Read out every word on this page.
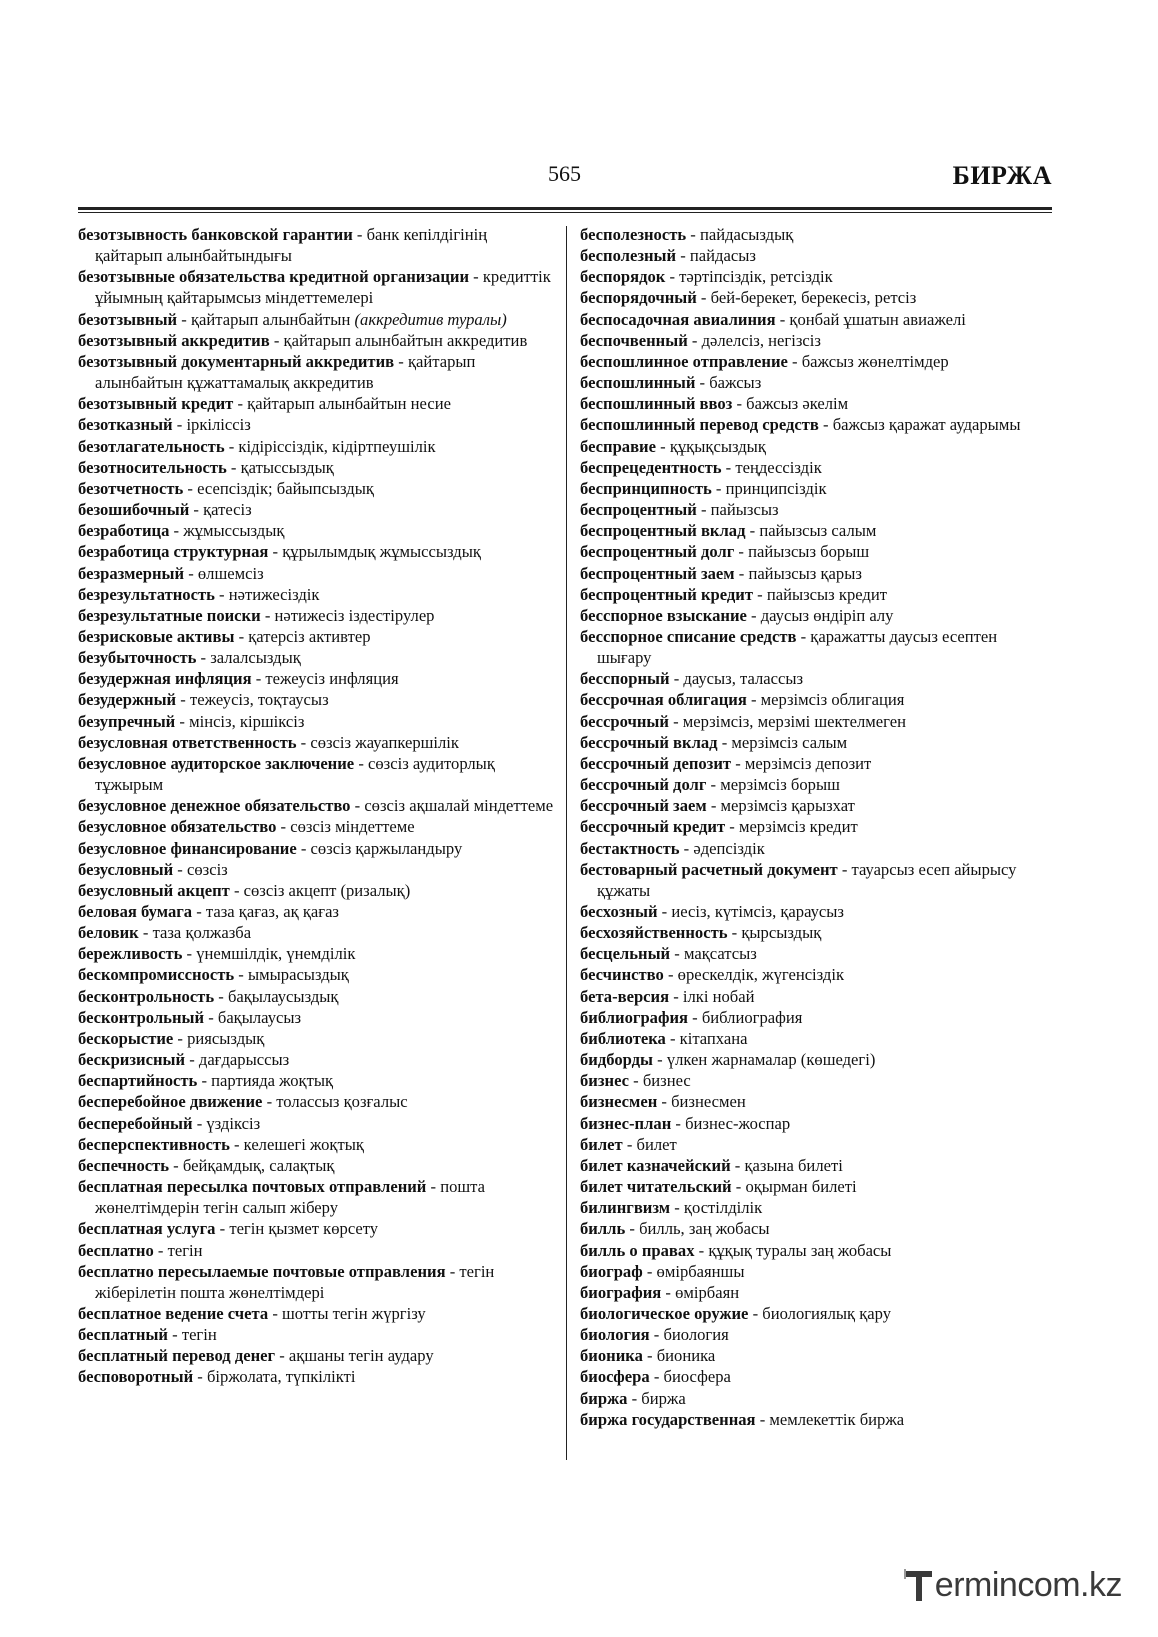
565	БИРЖА
безотзывность банковской гарантии - банк кепілдігінің қайтарып алынбайтындығы
безотзывные обязательства кредитной организации - кредиттік ұйымның қайтарымсыз міндеттемелері
безотзывный - қайтарып алынбайтын (аккредитив туралы)
безотзывный аккредитив - қайтарып алынбайтын аккредитив
безотзывный документарный аккредитив - қайтарып алынбайтын құжаттамалық аккредитив
безотзывный кредит - қайтарып алынбайтын несие
безотказный - іркіліссіз
безотлагательность - кідіріссіздік, кідіртпеушілік
безотносительность - қатыссыздық
безотчетность - есепсіздік; байыпсыздық
безошибочный - қатесіз
безработица - жұмыссыздық
безработица структурная - құрылымдық жұмыссыздық
безразмерный - өлшемсіз
безрезультатность - нәтижесіздік
безрезультатные поиски - нәтижесіз іздестірулер
безрисковые активы - қатерсіз активтер
безубыточность - залалсыздық
безудержная инфляция - тежеусіз инфляция
безудержный - тежеусіз, тоқтаусыз
безупречный - мінсіз, кіршіксіз
безусловная ответственность - сөзсіз жауапкершілік
безусловное аудиторское заключение - сөзсіз аудиторлық тұжырым
безусловное денежное обязательство - сөзсіз ақшалай міндеттеме
безусловное обязательство - сөзсіз міндеттеме
безусловное финансирование - сөзсіз қаржыландыру
безусловный - сөзсіз
безусловный акцепт - сөзсіз акцепт (ризалық)
беловая бумага - таза қағаз, ақ қағаз
беловик - таза қолжазба
бережливость - үнемшілдік, үнемділік
бескомпромиссность - ымырасыздық
бесконтрольность - бақылаусыздық
бесконтрольный - бақылаусыз
бескорыстие - риясыздық
бескризисный - дағдарыссыз
беспартийность - партияда жоқтық
бесперебойное движение - толассыз қозғалыс
бесперебойный - үздіксіз
бесперспективность - келешегі жоқтық
беспечность - бейқамдық, салақтық
бесплатная пересылка почтовых отправлений - пошта жөнелтімдерін тегін салып жіберу
бесплатная услуга - тегін қызмет көрсету
бесплатно - тегін
бесплатно пересылаемые почтовые отправления - тегін жіберілетін пошта жөнелтімдері
бесплатное ведение счета - шотты тегін жүргізу
бесплатный - тегін
бесплатный перевод денег - ақшаны тегін аудару
бесповоротный - біржолата, түпкілікті
бесполезность - пайдасыздық
бесполезный - пайдасыз
беспорядок - тәртіпсіздік, ретсіздік
беспорядочный - бей-берекет, берекесіз, ретсіз
беспосадочная авиалиния - қонбай ұшатын авиажелі
беспочвенный - дәлелсіз, негізсіз
беспошлинное отправление - бажсыз жөнелтімдер
беспошлинный - бажсыз
беспошлинный ввоз - бажсыз әкелім
беспошлинный перевод средств - бажсыз қаражат аударымы
бесправие - құқықсыздық
беспрецедентность - теңдессіздік
беспринципность - принципсіздік
беспроцентный - пайызсыз
беспроцентный вклад - пайызсыз салым
беспроцентный долг - пайызсыз борыш
беспроцентный заем - пайызсыз қарыз
беспроцентный кредит - пайызсыз кредит
бесспорное взыскание - даусыз өндіріп алу
бесспорное списание средств - қаражатты даусыз есептен шығару
бесспорный - даусыз, талассыз
бессрочная облигация - мерзімсіз облигация
бессрочный - мерзімсіз, мерзімі шектелмеген
бессрочный вклад - мерзімсіз салым
бессрочный депозит - мерзімсіз депозит
бессрочный долг - мерзімсіз борыш
бессрочный заем - мерзімсіз қарызхат
бессрочный кредит - мерзімсіз кредит
бестактность - әдепсіздік
бестоварный расчетный документ - тауарсыз есеп айырысу құжаты
бесхозный - иесіз, күтімсіз, қараусыз
бесхозяйственность - қырсыздық
бесцельный - мақсатсыз
бесчинство - өрескелдік, жүгенсіздік
бета-версия - ілкі нобай
библиография - библиография
библиотека - кітапхана
бидборды - үлкен жарнамалар (көшедегі)
бизнес - бизнес
бизнесмен - бизнесмен
бизнес-план - бизнес-жоспар
билет - билет
билет казначейский - қазына билеті
билет читательский - оқырман билеті
билингвизм - қостілділік
билль - билль, заң жобасы
билль о правах - құқық туралы заң жобасы
биограф - өмірбаяншы
биография - өмірбаян
биологическое оружие - биологиялық қару
биология - биология
бионика - бионика
биосфера - биосфера
биржа - биржа
биржа государственная - мемлекеттік биржа
ermincom.kz
